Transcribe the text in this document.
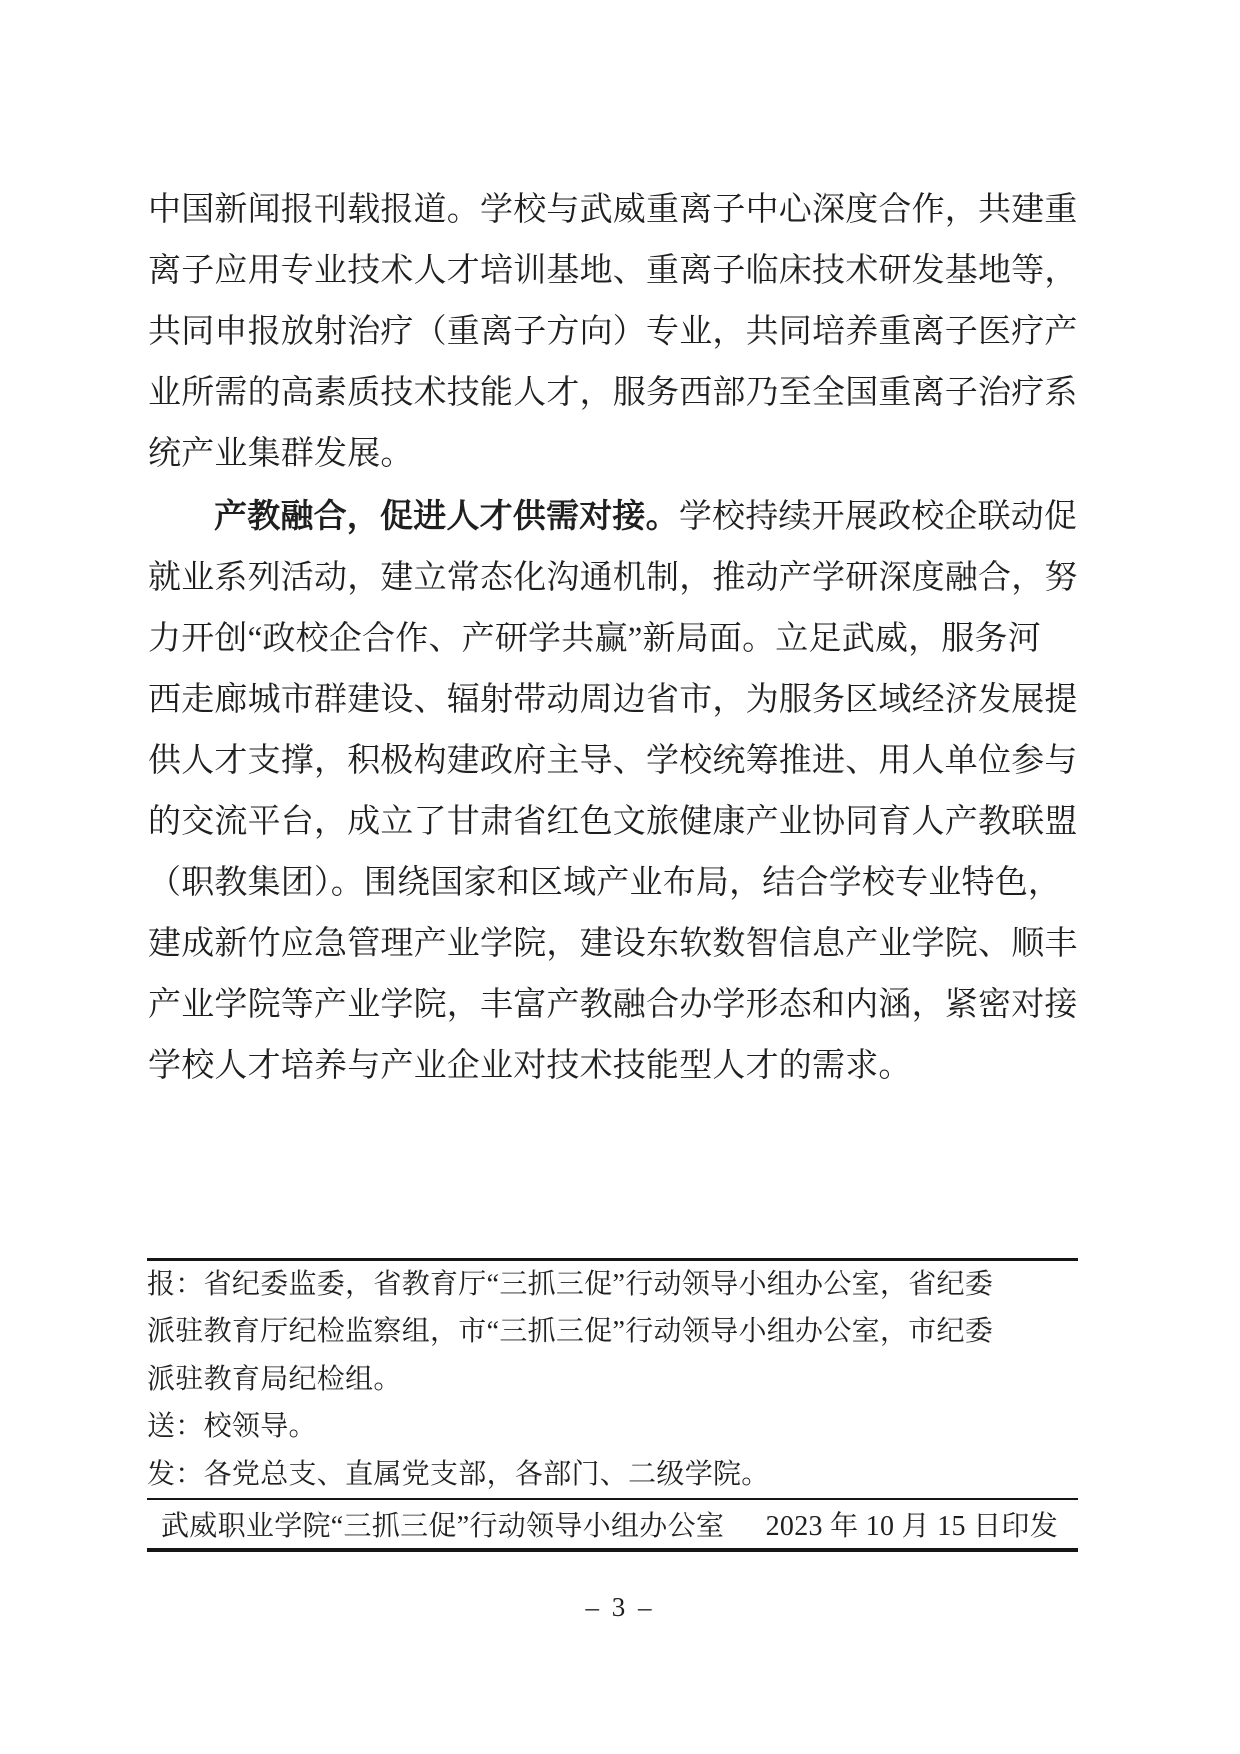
中国新闻报刊载报道。学校与武威重离子中心深度合作，共建重
离子应用专业技术人才培训基地、重离子临床技术研发基地等，
共同申报放射治疗（重离子方向）专业，共同培养重离子医疗产
业所需的高素质技术技能人才，服务西部乃至全国重离子治疗系
统产业集群发展。
产教融合，促进人才供需对接。学校持续开展政校企联动促
就业系列活动，建立常态化沟通机制，推动产学研深度融合，努
力开创“政校企合作、产研学共赢”新局面。立足武威，服务河
西走廊城市群建设、辐射带动周边省市，为服务区域经济发展提
供人才支撑，积极构建政府主导、学校统筹推进、用人单位参与
的交流平台，成立了甘肃省红色文旅健康产业协同育人产教联盟
（职教集团）。围绕国家和区域产业布局，结合学校专业特色，
建成新竹应急管理产业学院，建设东软数智信息产业学院、顺丰
产业学院等产业学院，丰富产教融合办学形态和内涵，紧密对接
学校人才培养与产业企业对技术技能型人才的需求。
报：省纪委监委，省教育厅“三抓三促”行动领导小组办公室，省纪委
派驻教育厅纪检监察组，市“三抓三促”行动领导小组办公室，市纪委
派驻教育局纪检组。
送：校领导。
发：各党总支、直属党支部，各部门、二级学院。
武威职业学院“三抓三促”行动领导小组办公室 2023 年 10 月 15 日印发
– 3 –
